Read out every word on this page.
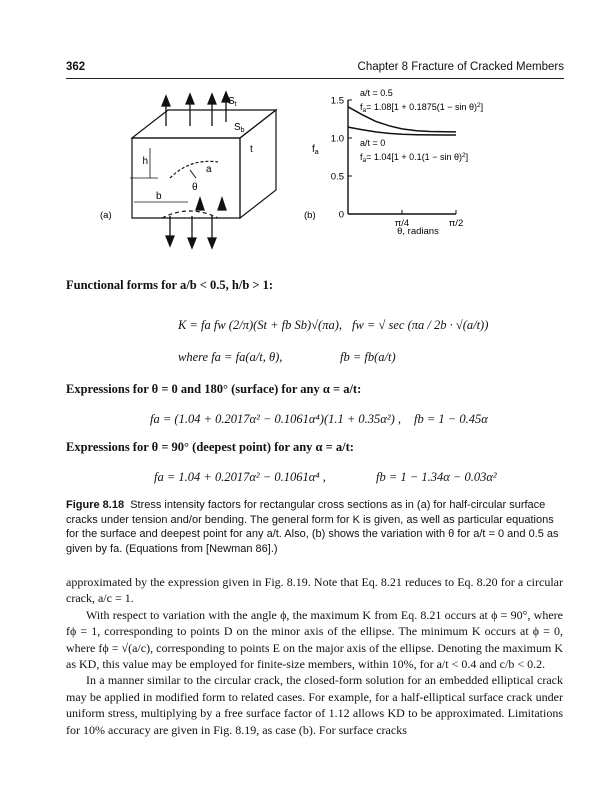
362	Chapter 8 Fracture of Cracked Members
$S_t$
$S_b$
h
a
θ
b
t
(a)	(b)
$f_a$
θ, radians
1.5
1.0
0.5
0
π/4	π/2
a/t = 0.5
$f_a= 1.08[1 + 0.1875(1 - \sin \theta)^2]$
a/t = 0
$f_a= 1.04[1 + 0.1(1 - \sin \theta)^2]$
Functional forms for a/b < 0.5, h/b > 1:
K = fa fw (2/π)(St + fb Sb)√(πa), fw = √ sec (πa / 2b · √(a/t))
where fa = fa(a/t, θ),	fb = fb(a/t)
Expressions for θ = 0 and 180° (surface) for any α = a/t:
fa = (1.04 + 0.2017α² − 0.1061α⁴)(1.1 + 0.35α²) , fb = 1 − 0.45α
Expressions for θ = 90° (deepest point) for any α = a/t:
fa = 1.04 + 0.2017α² − 0.1061α⁴ ,	fb = 1 − 1.34α − 0.03α²
Figure 8.18 Stress intensity factors for rectangular cross sections as in (a) for half-circular surface cracks under tension and/or bending. The general form for K is given, as well as particular equations for the surface and deepest point for any a/t. Also, (b) shows the variation with θ for a/t = 0 and 0.5 as given by fa. (Equations from [Newman 86].)

approximated by the expression given in Fig. 8.19. Note that Eq. 8.21 reduces to Eq. 8.20 for a circular crack, a/c = 1.

With respect to variation with the angle ϕ, the maximum K from Eq. 8.21 occurs at ϕ = 90°, where fϕ = 1, corresponding to points D on the minor axis of the ellipse. The minimum K occurs at ϕ = 0, where fϕ = √(a/c), corresponding to points E on the major axis of the ellipse. Denoting the maximum K as KD, this value may be employed for finite-size members, within 10%, for a/t < 0.4 and c/b < 0.2.

In a manner similar to the circular crack, the closed-form solution for an embedded elliptical crack may be applied in modified form to related cases. For example, for a half-elliptical surface crack under uniform stress, multiplying by a free surface factor of 1.12 allows KD to be approximated. Limitations for 10% accuracy are given in Fig. 8.19, as case (b). For surface cracks
